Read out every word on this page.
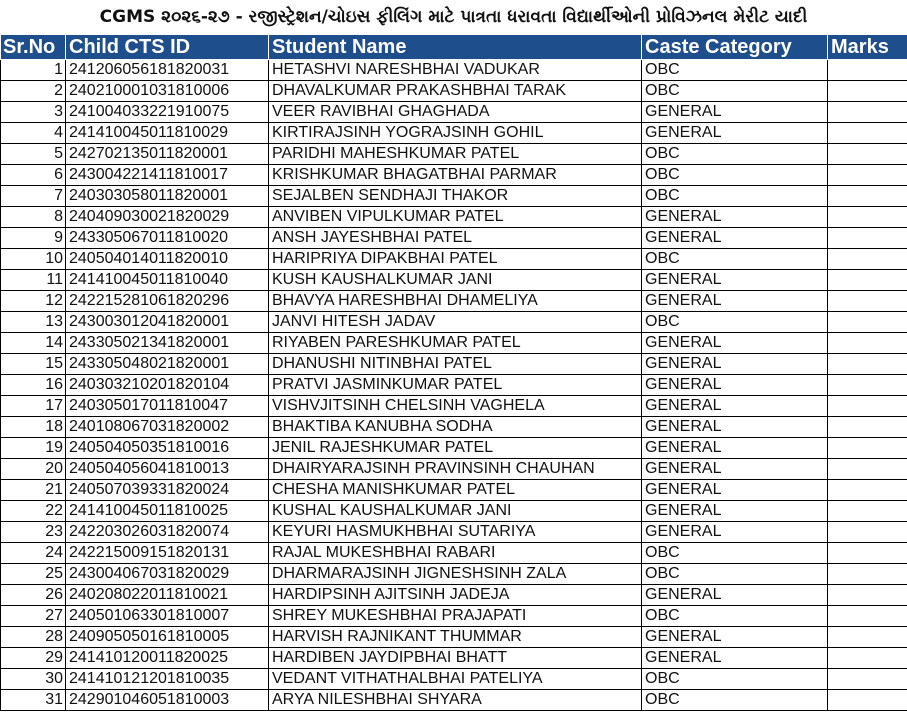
CGMS ૨૦૨૬-૨૭ - રજીસ્ટ્રેશન/ચોઇસ ફીલિંગ માટે પાત્રતા ધરાવતા વિદ્યાર્થીઓની પ્રોવિઝનલ મેરીટ યાદી
Sr.No	Child CTS ID	Student Name	Caste Category	Marks
1	241206056181820031	HETASHVI NARESHBHAI VADUKAR	OBC	
2	240210001031810006	DHAVALKUMAR PRAKASHBHAI TARAK	OBC	
3	241004033221910075	VEER RAVIBHAI GHAGHADA	GENERAL	
4	241410045011810029	KIRTIRAJSINH YOGRAJSINH GOHIL	GENERAL	
5	242702135011820001	PARIDHI MAHESHKUMAR PATEL	OBC	
6	243004221411810017	KRISHKUMAR BHAGATBHAI PARMAR	OBC	
7	240303058011820001	SEJALBEN SENDHAJI THAKOR	OBC	
8	240409030021820029	ANVIBEN VIPULKUMAR PATEL	GENERAL	
9	243305067011810020	ANSH JAYESHBHAI PATEL	GENERAL	
10	240504014011820010	HARIPRIYA DIPAKBHAI PATEL	OBC	
11	241410045011810040	KUSH KAUSHALKUMAR JANI	GENERAL	
12	242215281061820296	BHAVYA HARESHBHAI DHAMELIYA	GENERAL	
13	243003012041820001	JANVI HITESH JADAV	OBC	
14	243305021341820001	RIYABEN PARESHKUMAR PATEL	GENERAL	
15	243305048021820001	DHANUSHI NITINBHAI PATEL	GENERAL	
16	240303210201820104	PRATVI JASMINKUMAR PATEL	GENERAL	
17	240305017011810047	VISHVJITSINH CHELSINH VAGHELA	GENERAL	
18	240108067031820002	BHAKTIBA KANUBHA SODHA	GENERAL	
19	240504050351810016	JENIL RAJESHKUMAR PATEL	GENERAL	
20	240504056041810013	DHAIRYARAJSINH PRAVINSINH CHAUHAN	GENERAL	
21	240507039331820024	CHESHA MANISHKUMAR PATEL	GENERAL	
22	241410045011810025	KUSHAL KAUSHALKUMAR JANI	GENERAL	
23	242203026031820074	KEYURI HASMUKHBHAI SUTARIYA	GENERAL	
24	242215009151820131	RAJAL MUKESHBHAI RABARI	OBC	
25	243004067031820029	DHARMARAJSINH JIGNESHSINH ZALA	OBC	
26	240208022011810021	HARDIPSINH AJITSINH JADEJA	GENERAL	
27	240501063301810007	SHREY MUKESHBHAI PRAJAPATI	OBC	
28	240905050161810005	HARVISH RAJNIKANT THUMMAR	GENERAL	
29	241410120011820025	HARDIBEN JAYDIPBHAI BHATT	GENERAL	
30	241410121201810035	VEDANT VITHATHALBHAI PATELIYA	OBC	
31	242901046051810003	ARYA NILESHBHAI SHYARA	OBC	
